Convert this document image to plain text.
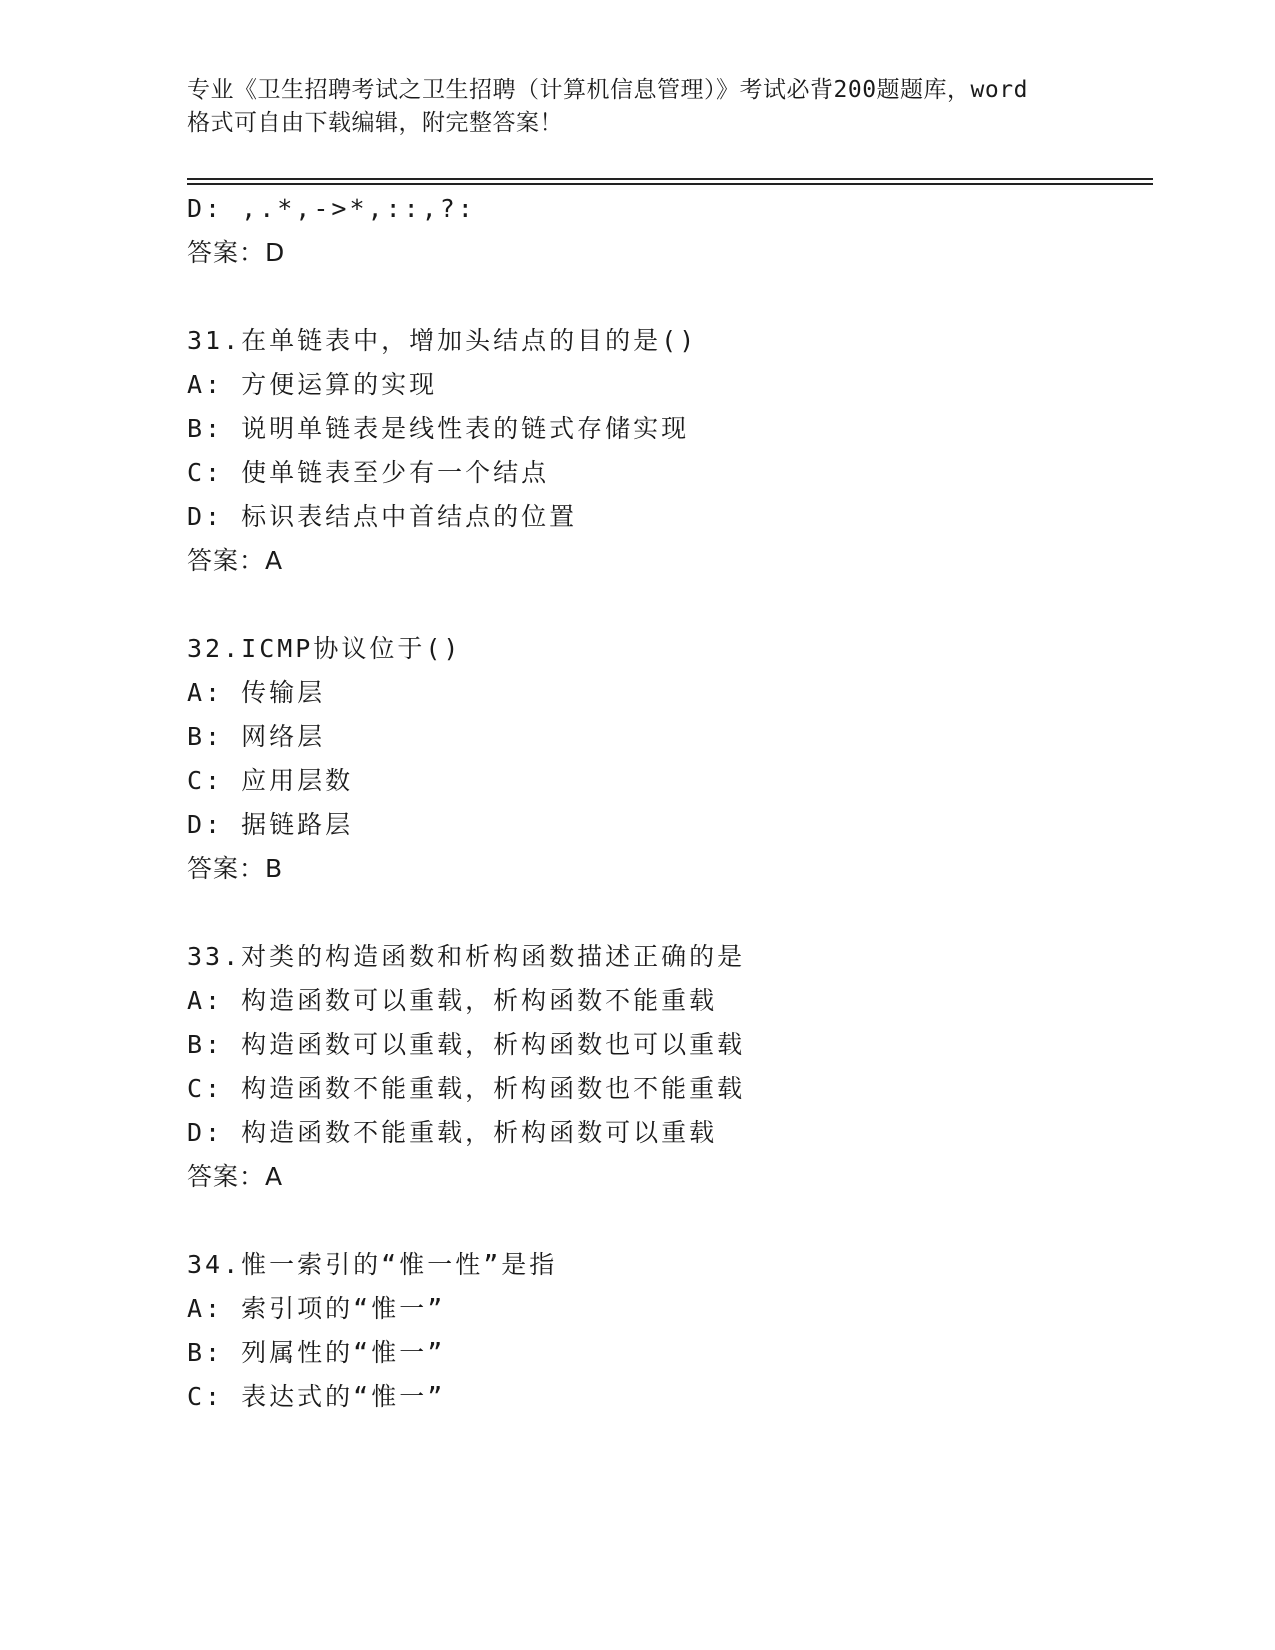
专业《卫生招聘考试之卫生招聘（计算机信息管理）》考试必背200题题库，word
格式可自由下载编辑，附完整答案！
D: ,.*,->*,::,?:
答案：D
31.在单链表中，增加头结点的目的是()
A: 方便运算的实现
B: 说明单链表是线性表的链式存储实现
C: 使单链表至少有一个结点
D: 标识表结点中首结点的位置
答案：A
32.ICMP协议位于()
A: 传输层
B: 网络层
C: 应用层数
D: 据链路层
答案：B
33.对类的构造函数和析构函数描述正确的是
A: 构造函数可以重载，析构函数不能重载
B: 构造函数可以重载，析构函数也可以重载
C: 构造函数不能重载，析构函数也不能重载
D: 构造函数不能重载，析构函数可以重载
答案：A
34.惟一索引的“惟一性”是指
A: 索引项的“惟一”
B: 列属性的“惟一”
C: 表达式的“惟一”
